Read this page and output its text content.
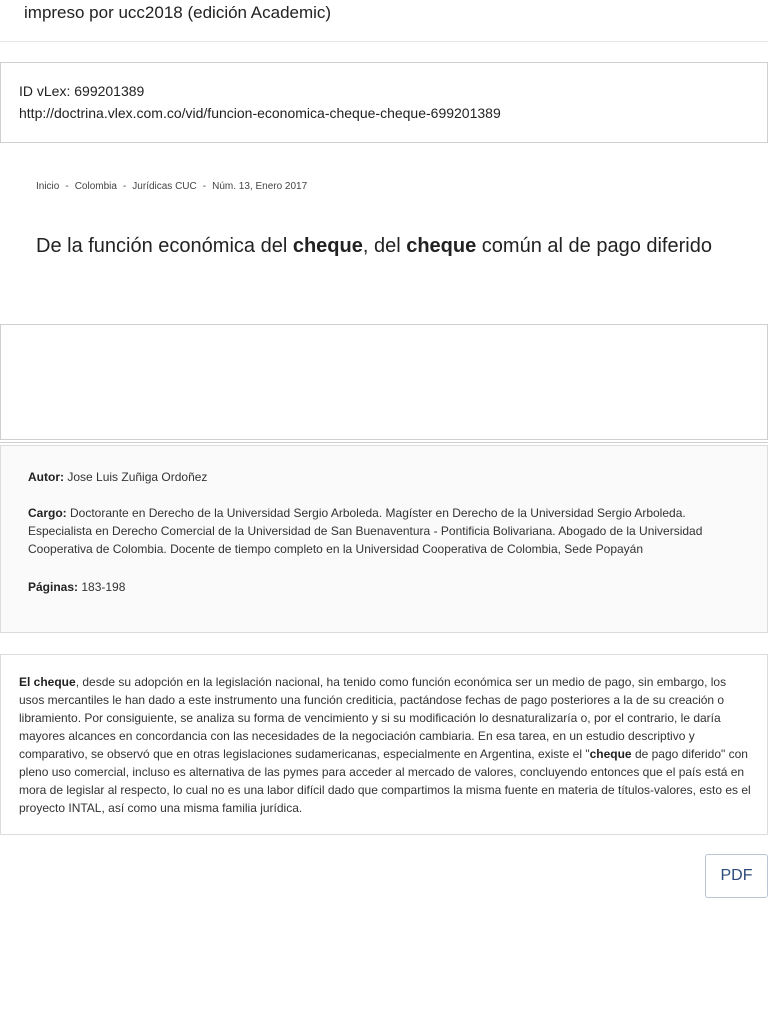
impreso por ucc2018 (edición Academic)
ID vLex: 699201389
http://doctrina.vlex.com.co/vid/funcion-economica-cheque-cheque-699201389
Inicio - Colombia - Jurídicas CUC - Núm. 13, Enero 2017
De la función económica del cheque, del cheque común al de pago diferido
Autor: Jose Luis Zuñiga Ordoñez
Cargo: Doctorante en Derecho de la Universidad Sergio Arboleda. Magíster en Derecho de la Universidad Sergio Arboleda. Especialista en Derecho Comercial de la Universidad de San Buenaventura - Pontificia Bolivariana. Abogado de la Universidad Cooperativa de Colombia. Docente de tiempo completo en la Universidad Cooperativa de Colombia, Sede Popayán
Páginas: 183-198

El cheque, desde su adopción en la legislación nacional, ha tenido como función económica ser un medio de pago, sin embargo, los usos mercantiles le han dado a este instrumento una función crediticia, pactándose fechas de pago posteriores a la de su creación o libramiento. Por consiguiente, se analiza su forma de vencimiento y si su modificación lo desnaturalizaría o, por el contrario, le daría mayores alcances en concordancia con las necesidades de la negociación cambiaria. En esa tarea, en un estudio descriptivo y comparativo, se observó que en otras legislaciones sudamericanas, especialmente en Argentina, existe el "cheque de pago diferido" con pleno uso comercial, incluso es alternativa de las pymes para acceder al mercado de valores, concluyendo entonces que el país está en mora de legislar al respecto, lo cual no es una labor difícil dado que compartimos la misma fuente en materia de títulos-valores, esto es el proyecto INTAL, así como una misma familia jurídica.

PDF
